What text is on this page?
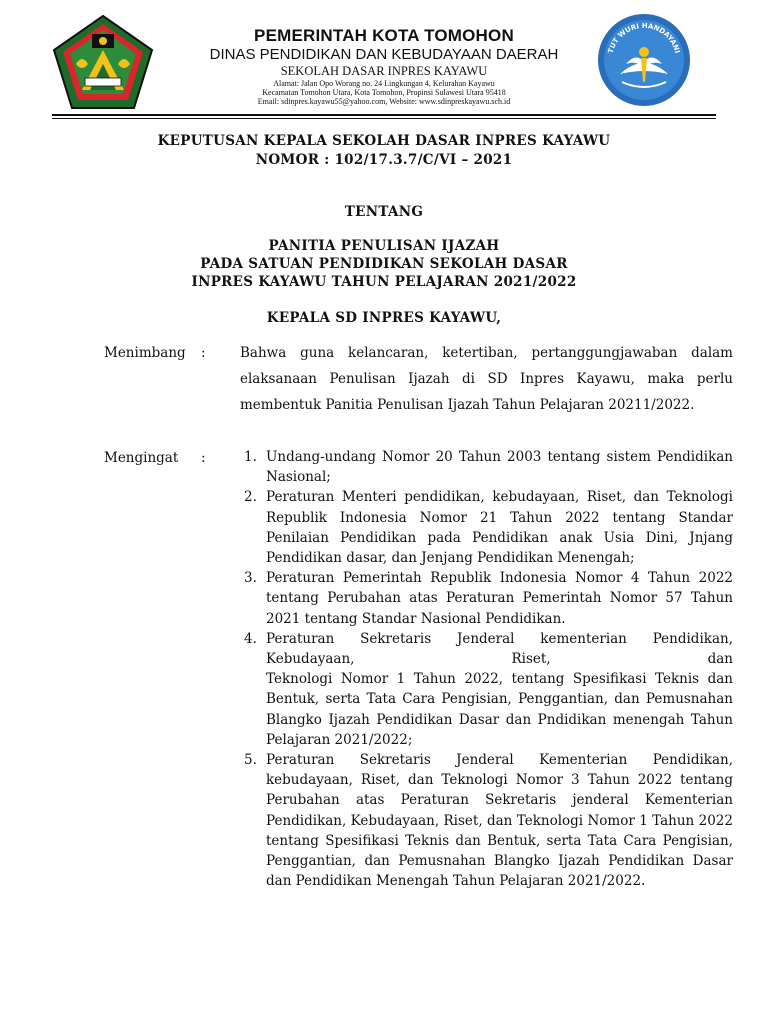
PEMERINTAH KOTA TOMOHON
DINAS PENDIDIKAN DAN KEBUDAYAAN DAERAH
SEKOLAH DASAR INPRES KAYAWU
Alamat: Jalan Opo Worang no. 24 Lingkungan 4, Kelurahan Kayawu
Kecamatan Tomohon Utara, Kota Tomohon, Propinsi Sulawesi Utara 95418
Email: sdinpres.kayawu55@yahoo.com, Website: www.sdinpreskayawu.sch.id
TUT WURI HANDAYANI
KEPUTUSAN KEPALA SEKOLAH DASAR INPRES KAYAWU
NOMOR : 102/17.3.7/C/VI – 2021
TENTANG
PANITIA PENULISAN IJAZAH
PADA SATUAN PENDIDIKAN SEKOLAH DASAR
INPRES KAYAWU TAHUN PELAJARAN 2021/2022
KEPALA SD INPRES KAYAWU,
Menimbang :	Bahwa guna kelancaran, ketertiban, pertanggungjawaban dalam elaksanaan Penulisan Ijazah di SD Inpres Kayawu, maka perlu membentuk Panitia Penulisan Ijazah Tahun Pelajaran 20211/2022.
Mengingat :	1. Undang-undang Nomor 20 Tahun 2003 tentang sistem Pendidikan Nasional;
2. Peraturan Menteri pendidikan, kebudayaan, Riset, dan Teknologi Republik Indonesia Nomor 21 Tahun 2022 tentang Standar Penilaian Pendidikan pada Pendidikan anak Usia Dini, Jnjang Pendidikan dasar, dan Jenjang Pendidikan Menengah;
3. Peraturan Pemerintah Republik Indonesia Nomor 4 Tahun 2022 tentang Perubahan atas Peraturan Pemerintah Nomor 57 Tahun 2021 tentang Standar Nasional Pendidikan.
4. Peraturan Sekretaris Jenderal kementerian Pendidikan, Kebudayaan, Riset, dan
Teknologi Nomor 1 Tahun 2022, tentang Spesifikasi Teknis dan Bentuk, serta Tata Cara Pengisian, Penggantian, dan Pemusnahan Blangko Ijazah Pendidikan Dasar dan Pndidikan menengah Tahun Pelajaran 2021/2022;
5. Peraturan Sekretaris Jenderal Kementerian Pendidikan, kebudayaan, Riset, dan Teknologi Nomor 3 Tahun 2022 tentang Perubahan atas Peraturan Sekretaris jenderal Kementerian Pendidikan, Kebudayaan, Riset, dan Teknologi Nomor 1 Tahun 2022 tentang Spesifikasi Teknis dan Bentuk, serta Tata Cara Pengisian, Penggantian, dan Pemusnahan Blangko Ijazah Pendidikan Dasar dan Pendidikan Menengah Tahun Pelajaran 2021/2022.
